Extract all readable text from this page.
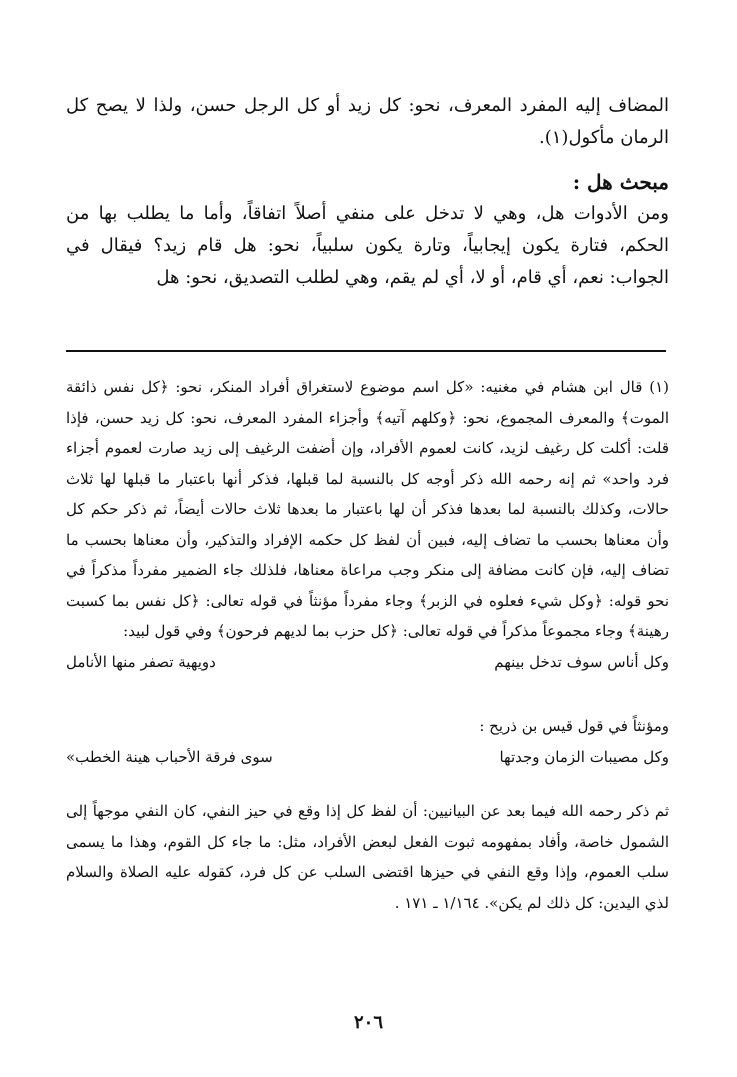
المضاف إليه المفرد المعرف، نحو: كل زيد أو كل الرجل حسن، ولذا لا يصح كل الرمان مأكول(١).

مبحث هل :

ومن الأدوات هل، وهي لا تدخل على منفي أصلاً اتفاقاً، وأما ما يطلب بها من الحكم، فتارة يكون إيجابياً، وتارة يكون سلبياً، نحو: هل قام زيد؟ فيقال في الجواب: نعم، أي قام، أو لا، أي لم يقم، وهي لطلب التصديق، نحو: هل

(١) قال ابن هشام في مغنيه: «كل اسم موضوع لاستغراق أفراد المنكر، نحو: ﴿كل نفس ذائقة الموت﴾ والمعرف المجموع، نحو: ﴿وكلهم آتيه﴾ وأجزاء المفرد المعرف، نحو: كل زيد حسن، فإذا قلت: أكلت كل رغيف لزيد، كانت لعموم الأفراد، وإن أضفت الرغيف إلى زيد صارت لعموم أجزاء فرد واحد» ثم إنه رحمه الله ذكر أوجه كل بالنسبة لما قبلها، فذكر أنها باعتبار ما قبلها لها ثلاث حالات، وكذلك بالنسبة لما بعدها فذكر أن لها باعتبار ما بعدها ثلاث حالات أيضاً، ثم ذكر حكم كل وأن معناها بحسب ما تضاف إليه، فبين أن لفظ كل حكمه الإفراد والتذكير، وأن معناها بحسب ما تضاف إليه، فإن كانت مضافة إلى منكر وجب مراعاة معناها، فلذلك جاء الضمير مفرداً مذكراً في نحو قوله: ﴿وكل شيء فعلوه في الزبر﴾ وجاء مفرداً مؤنثاً في قوله تعالى: ﴿كل نفس بما كسبت رهينة﴾ وجاء مجموعاً مذكراً في قوله تعالى: ﴿كل حزب بما لديهم فرحون﴾ وفي قول لبيد:

وكل أناس سوف تدخل بينهم
دويهية تصفر منها الأنامل

ومؤنثاً في قول قيس بن ذريح :

وكل مصيبات الزمان وجدتها
سوى فرقة الأحباب هينة الخطب»

ثم ذكر رحمه الله فيما بعد عن البيانيين: أن لفظ كل إذا وقع في حيز النفي، كان النفي موجهاً إلى الشمول خاصة، وأفاد بمفهومه ثبوت الفعل لبعض الأفراد، مثل: ما جاء كل القوم، وهذا ما يسمى سلب العموم، وإذا وقع النفي في حيزها اقتضى السلب عن كل فرد، كقوله عليه الصلاة والسلام لذي اليدين: كل ذلك لم يكن». ١/١٦٤ ـ ١٧١ .

٢٠٦
